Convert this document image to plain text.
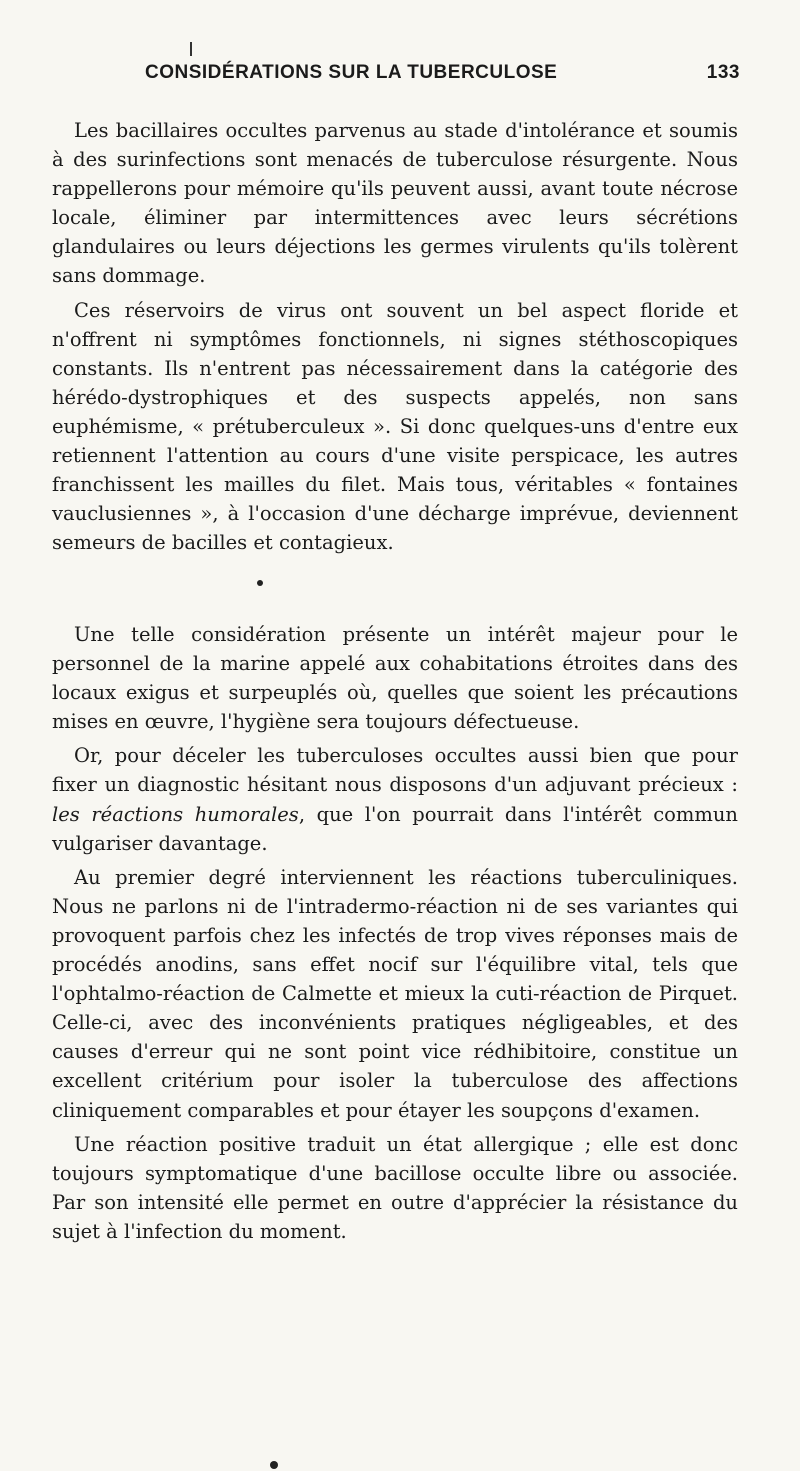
CONSIDÉRATIONS SUR LA TUBERCULOSE	133

Les bacillaires occultes parvenus au stade d'intolérance et soumis à des surinfections sont menacés de tuberculose résurgente. Nous rappellerons pour mémoire qu'ils peuvent aussi, avant toute nécrose locale, éliminer par intermittences avec leurs sécrétions glandulaires ou leurs déjections les germes virulents qu'ils tolèrent sans dommage.

Ces réservoirs de virus ont souvent un bel aspect floride et n'offrent ni symptômes fonctionnels, ni signes stéthoscopiques constants. Ils n'entrent pas nécessairement dans la catégorie des hérédo-dystrophiques et des suspects appelés, non sans euphémisme, « prétuberculeux ». Si donc quelques-uns d'entre eux retiennent l'attention au cours d'une visite perspicace, les autres franchissent les mailles du filet. Mais tous, véritables « fontaines vauclusiennes », à l'occasion d'une décharge imprévue, deviennent semeurs de bacilles et contagieux.

Une telle considération présente un intérêt majeur pour le personnel de la marine appelé aux cohabitations étroites dans des locaux exigus et surpeuplés où, quelles que soient les précautions mises en œuvre, l'hygiène sera toujours défectueuse.

Or, pour déceler les tuberculoses occultes aussi bien que pour fixer un diagnostic hésitant nous disposons d'un adjuvant précieux : les réactions humorales, que l'on pourrait dans l'intérêt commun vulgariser davantage.

Au premier degré interviennent les réactions tuberculiniques. Nous ne parlons ni de l'intradermo-réaction ni de ses variantes qui provoquent parfois chez les infectés de trop vives réponses mais de procédés anodins, sans effet nocif sur l'équilibre vital, tels que l'ophtalmo-réaction de Calmette et mieux la cuti-réaction de Pirquet. Celle-ci, avec des inconvénients pratiques négligeables, et des causes d'erreur qui ne sont point vice rédhibitoire, constitue un excellent critérium pour isoler la tuberculose des affections cliniquement comparables et pour étayer les soupçons d'examen.

Une réaction positive traduit un état allergique ; elle est donc toujours symptomatique d'une bacillose occulte libre ou associée. Par son intensité elle permet en outre d'apprécier la résistance du sujet à l'infection du moment.
